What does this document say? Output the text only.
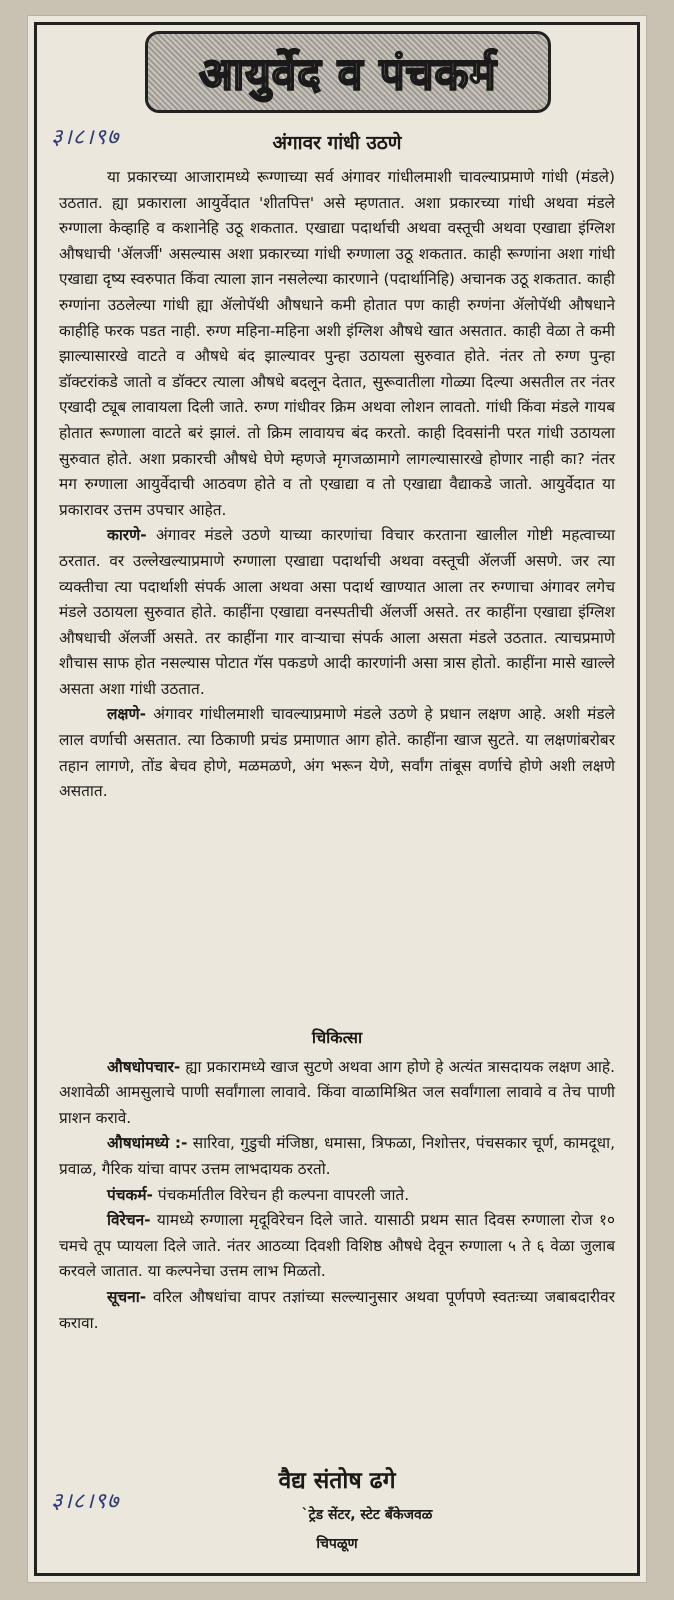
आयुर्वेद व पंचकर्म
३।८।९७	अंगावर गांधी उठणे

या प्रकारच्या आजारामध्ये रूग्णाच्या सर्व अंगावर गांधीलमाशी चावल्याप्रमाणे गांधी (मंडले) उठतात. ह्या प्रकाराला आयुर्वेदात 'शीतपित्त' असे म्हणतात. अशा प्रकारच्या गांधी अथवा मंडले रुग्णाला केव्हाहि व कशानेहि उठू शकतात. एखाद्या पदार्थाची अथवा वस्तूची अथवा एखाद्या इंग्लिश औषधाची 'ॲलर्जी' असल्यास अशा प्रकारच्या गांधी रुग्णाला उठू शकतात. काही रूग्णांना अशा गांधी एखाद्या दृष्य स्वरुपात किंवा त्याला ज्ञान नसलेल्या कारणाने (पदार्थानिहि) अचानक उठू शकतात. काही रुग्णांना उठलेल्या गांधी ह्या ॲलोपॅथी औषधाने कमी होतात पण काही रुग्णंना ॲलोपॅथी औषधाने काहीहि फरक पडत नाही. रुग्ण महिना-महिना अशी इंग्लिश औषधे खात असतात. काही वेळा ते कमी झाल्यासारखे वाटते व औषधे बंद झाल्यावर पुन्हा उठायला सुरुवात होते. नंतर तो रुग्ण पुन्हा डॉक्टरांकडे जातो व डॉक्टर त्याला औषधे बदलून देतात, सुरूवातीला गोळ्या दिल्या असतील तर नंतर एखादी ट्यूब लावायला दिली जाते. रुग्ण गांधीवर क्रिम अथवा लोशन लावतो. गांधी किंवा मंडले गायब होतात रूग्णाला वाटते बरं झालं. तो क्रिम लावायच बंद करतो. काही दिवसांनी परत गांधी उठायला सुरुवात होते. अशा प्रकारची औषधे घेणे म्हणजे मृगजळामागे लागल्यासारखे होणार नाही का? नंतर मग रुग्णाला आयुर्वेदाची आठवण होते व तो एखाद्या व तो एखाद्या वैद्याकडे जातो. आयुर्वेदात या प्रकारावर उत्तम उपचार आहेत.

कारणे- अंगावर मंडले उठणे याच्या कारणांचा विचार करताना खालील गोष्टी महत्वाच्या ठरतात. वर उल्लेखल्याप्रमाणे रुग्णाला एखाद्या पदार्थाची अथवा वस्तूची ॲलर्जी असणे. जर त्या व्यक्तीचा त्या पदार्थाशी संपर्क आला अथवा असा पदार्थ खाण्यात आला तर रुग्णाचा अंगावर लगेच मंडले उठायला सुरुवात होते. काहींना एखाद्या वनस्पतीची ॲलर्जी असते. तर काहींना एखाद्या इंग्लिश औषधाची ॲलर्जी असते. तर काहींना गार वाऱ्याचा संपर्क आला असता मंडले उठतात. त्याचप्रमाणे शौचास साफ होत नसल्यास पोटात गॅस पकडणे आदी कारणांनी असा त्रास होतो. काहींना मासे खाल्ले असता अशा गांधी उठतात.

लक्षणे- अंगावर गांधीलमाशी चावल्याप्रमाणे मंडले उठणे हे प्रधान लक्षण आहे. अशी मंडले लाल वर्णाची असतात. त्या ठिकाणी प्रचंड प्रमाणात आग होते. काहींना खाज सुटते. या लक्षणांबरोबर तहान लागणे, तोंड बेचव होणे, मळमळणे, अंग भरून येणे, सर्वांग तांबूस वर्णाचे होणे अशी लक्षणे असतात.

चिकित्सा

औषधोपचार- ह्या प्रकारामध्ये खाज सुटणे अथवा आग होणे हे अत्यंत त्रासदायक लक्षण आहे. अशावेळी आमसुलाचे पाणी सर्वांगाला लावावे. किंवा वाळामिश्रित जल सर्वांगाला लावावे व तेच पाणी प्राशन करावे.

औषधांमध्ये :- सारिवा, गुडुची मंजिष्ठा, धमासा, त्रिफळा, निशोत्तर, पंचसकार चूर्ण, कामदूधा, प्रवाळ, गैरिक यांचा वापर उत्तम लाभदायक ठरतो.

पंचकर्म- पंचकर्मातील विरेचन ही कल्पना वापरली जाते.

विरेचन- यामध्ये रुग्णाला मृदूविरेचन दिले जाते. यासाठी प्रथम सात दिवस रुग्णाला रोज १० चमचे तूप प्यायला दिले जाते. नंतर आठव्या दिवशी विशिष्ठ औषधे देवून रुग्णाला ५ ते ६ वेळा जुलाब करवले जातात. या कल्पनेचा उत्तम लाभ मिळतो.

सूचना- वरिल औषधांचा वापर तज्ञांच्या सल्ल्यानुसार अथवा पूर्णपणे स्वतःच्या जबाबदारीवर करावा.

३।८।९७
वैद्य संतोष ढगे
`ट्रेड सेंटर, स्टेट बँकेजवळ
चिपळूण
